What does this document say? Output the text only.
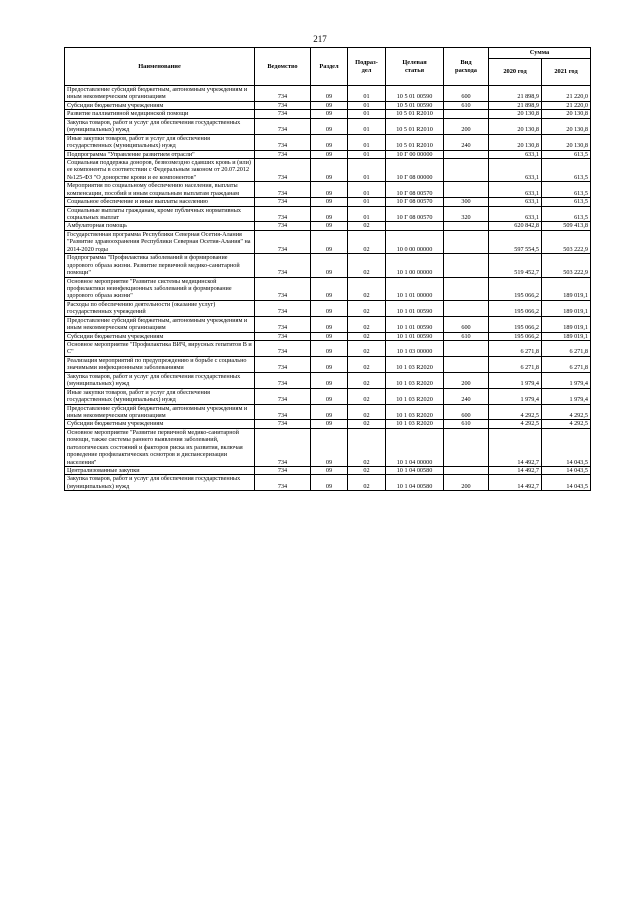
217
Наименование	Ведомство	Раздел	Подраз-
дел	Целевая
статья	Вид
расхода	Сумма	
						2020 год	2021 год
Предоставление субсидий бюджетным, автономным учреждениям и иным некоммерческим организациям	734	09	01	10 5 01 00590	600	21 898,9	21 220,0
Субсидии бюджетным учреждениям	734	09	01	10 5 01 00590	610	21 898,9	21 220,0
Развитие паллиативной медицинской помощи	734	09	01	10 5 01 R2010		20 130,8	20 130,8
Закупка товаров, работ и услуг для обеспечения государственных (муниципальных) нужд	734	09	01	10 5 01 R2010	200	20 130,8	20 130,8
Иные закупки товаров, работ и услуг для обеспечения государственных (муниципальных) нужд	734	09	01	10 5 01 R2010	240	20 130,8	20 130,8
Подпрограмма "Управление развитием отрасли"	734	09	01	10 Г 00 00000		633,1	613,5
Социальная поддержка доноров, безвозмездно сдавших кровь и (или) ее компоненты в соответствии с Федеральным законом от 20.07.2012 №125-ФЗ "О донорстве крови и ее компонентов"	734	09	01	10 Г 08 00000		633,1	613,5
Мероприятия по социальному обеспечению населения, выплаты компенсации, пособий и иным социальным выплатам гражданам	734	09	01	10 Г 08 00570		633,1	613,5
Социальное обеспечение и иные выплаты населению	734	09	01	10 Г 08 00570	300	633,1	613,5
Социальные выплаты гражданам, кроме публичных нормативных социальных выплат	734	09	01	10 Г 08 00570	320	633,1	613,5
Амбулаторная помощь	734	09	02			620 842,8	509 413,8
Государственная программа Республики Северная Осетия-Алания "Развитие здравоохранения Республики Северная Осетия-Алания" на 2014-2020 годы	734	09	02	10 0 00 00000		597 554,5	503 222,9
Подпрограмма "Профилактика заболеваний и формирование здорового образа жизни. Развитие первичной медико-санитарной помощи"	734	09	02	10 1 00 00000		519 452,7	503 222,9
Основное мероприятие "Развитие системы медицинской профилактики неинфекционных заболеваний и формирование здорового образа жизни"	734	09	02	10 1 01 00000		195 066,2	189 019,1
Расходы по обеспечению деятельности (оказание услуг) государственных учреждений	734	09	02	10 1 01 00590		195 066,2	189 019,1
Предоставление субсидий бюджетным, автономным учреждениям и иным некоммерческим организациям	734	09	02	10 1 01 00590	600	195 066,2	189 019,1
Субсидии бюджетным учреждениям	734	09	02	10 1 01 00590	610	195 066,2	189 019,1
Основное мероприятие "Профилактика ВИЧ, вирусных гепатитов В и С"	734	09	02	10 1 03 00000		6 271,8	6 271,8
Реализация мероприятий по предупреждению и борьбе с социально значимыми инфекционными заболеваниями	734	09	02	10 1 03 R2020		6 271,8	6 271,8
Закупка товаров, работ и услуг для обеспечения государственных (муниципальных) нужд	734	09	02	10 1 03 R2020	200	1 979,4	1 979,4
Иные закупки товаров, работ и услуг для обеспечения государственных (муниципальных) нужд	734	09	02	10 1 03 R2020	240	1 979,4	1 979,4
Предоставление субсидий бюджетным, автономным учреждениям и иным некоммерческим организациям	734	09	02	10 1 03 R2020	600	4 292,5	4 292,5
Субсидии бюджетным учреждениям	734	09	02	10 1 03 R2020	610	4 292,5	4 292,5
Основное мероприятие "Развитие первичной медико-санитарной помощи, также системы раннего выявления заболеваний, патологических состояний и факторов риска их развития, включая проведение профилактических осмотров и диспансеризации населения"	734	09	02	10 1 04 00000		14 492,7	14 043,5
Централизованные закупки	734	09	02	10 1 04 00580		14 492,7	14 043,5
Закупка товаров, работ и услуг для обеспечения государственных (муниципальных) нужд	734	09	02	10 1 04 00580	200	14 492,7	14 043,5
